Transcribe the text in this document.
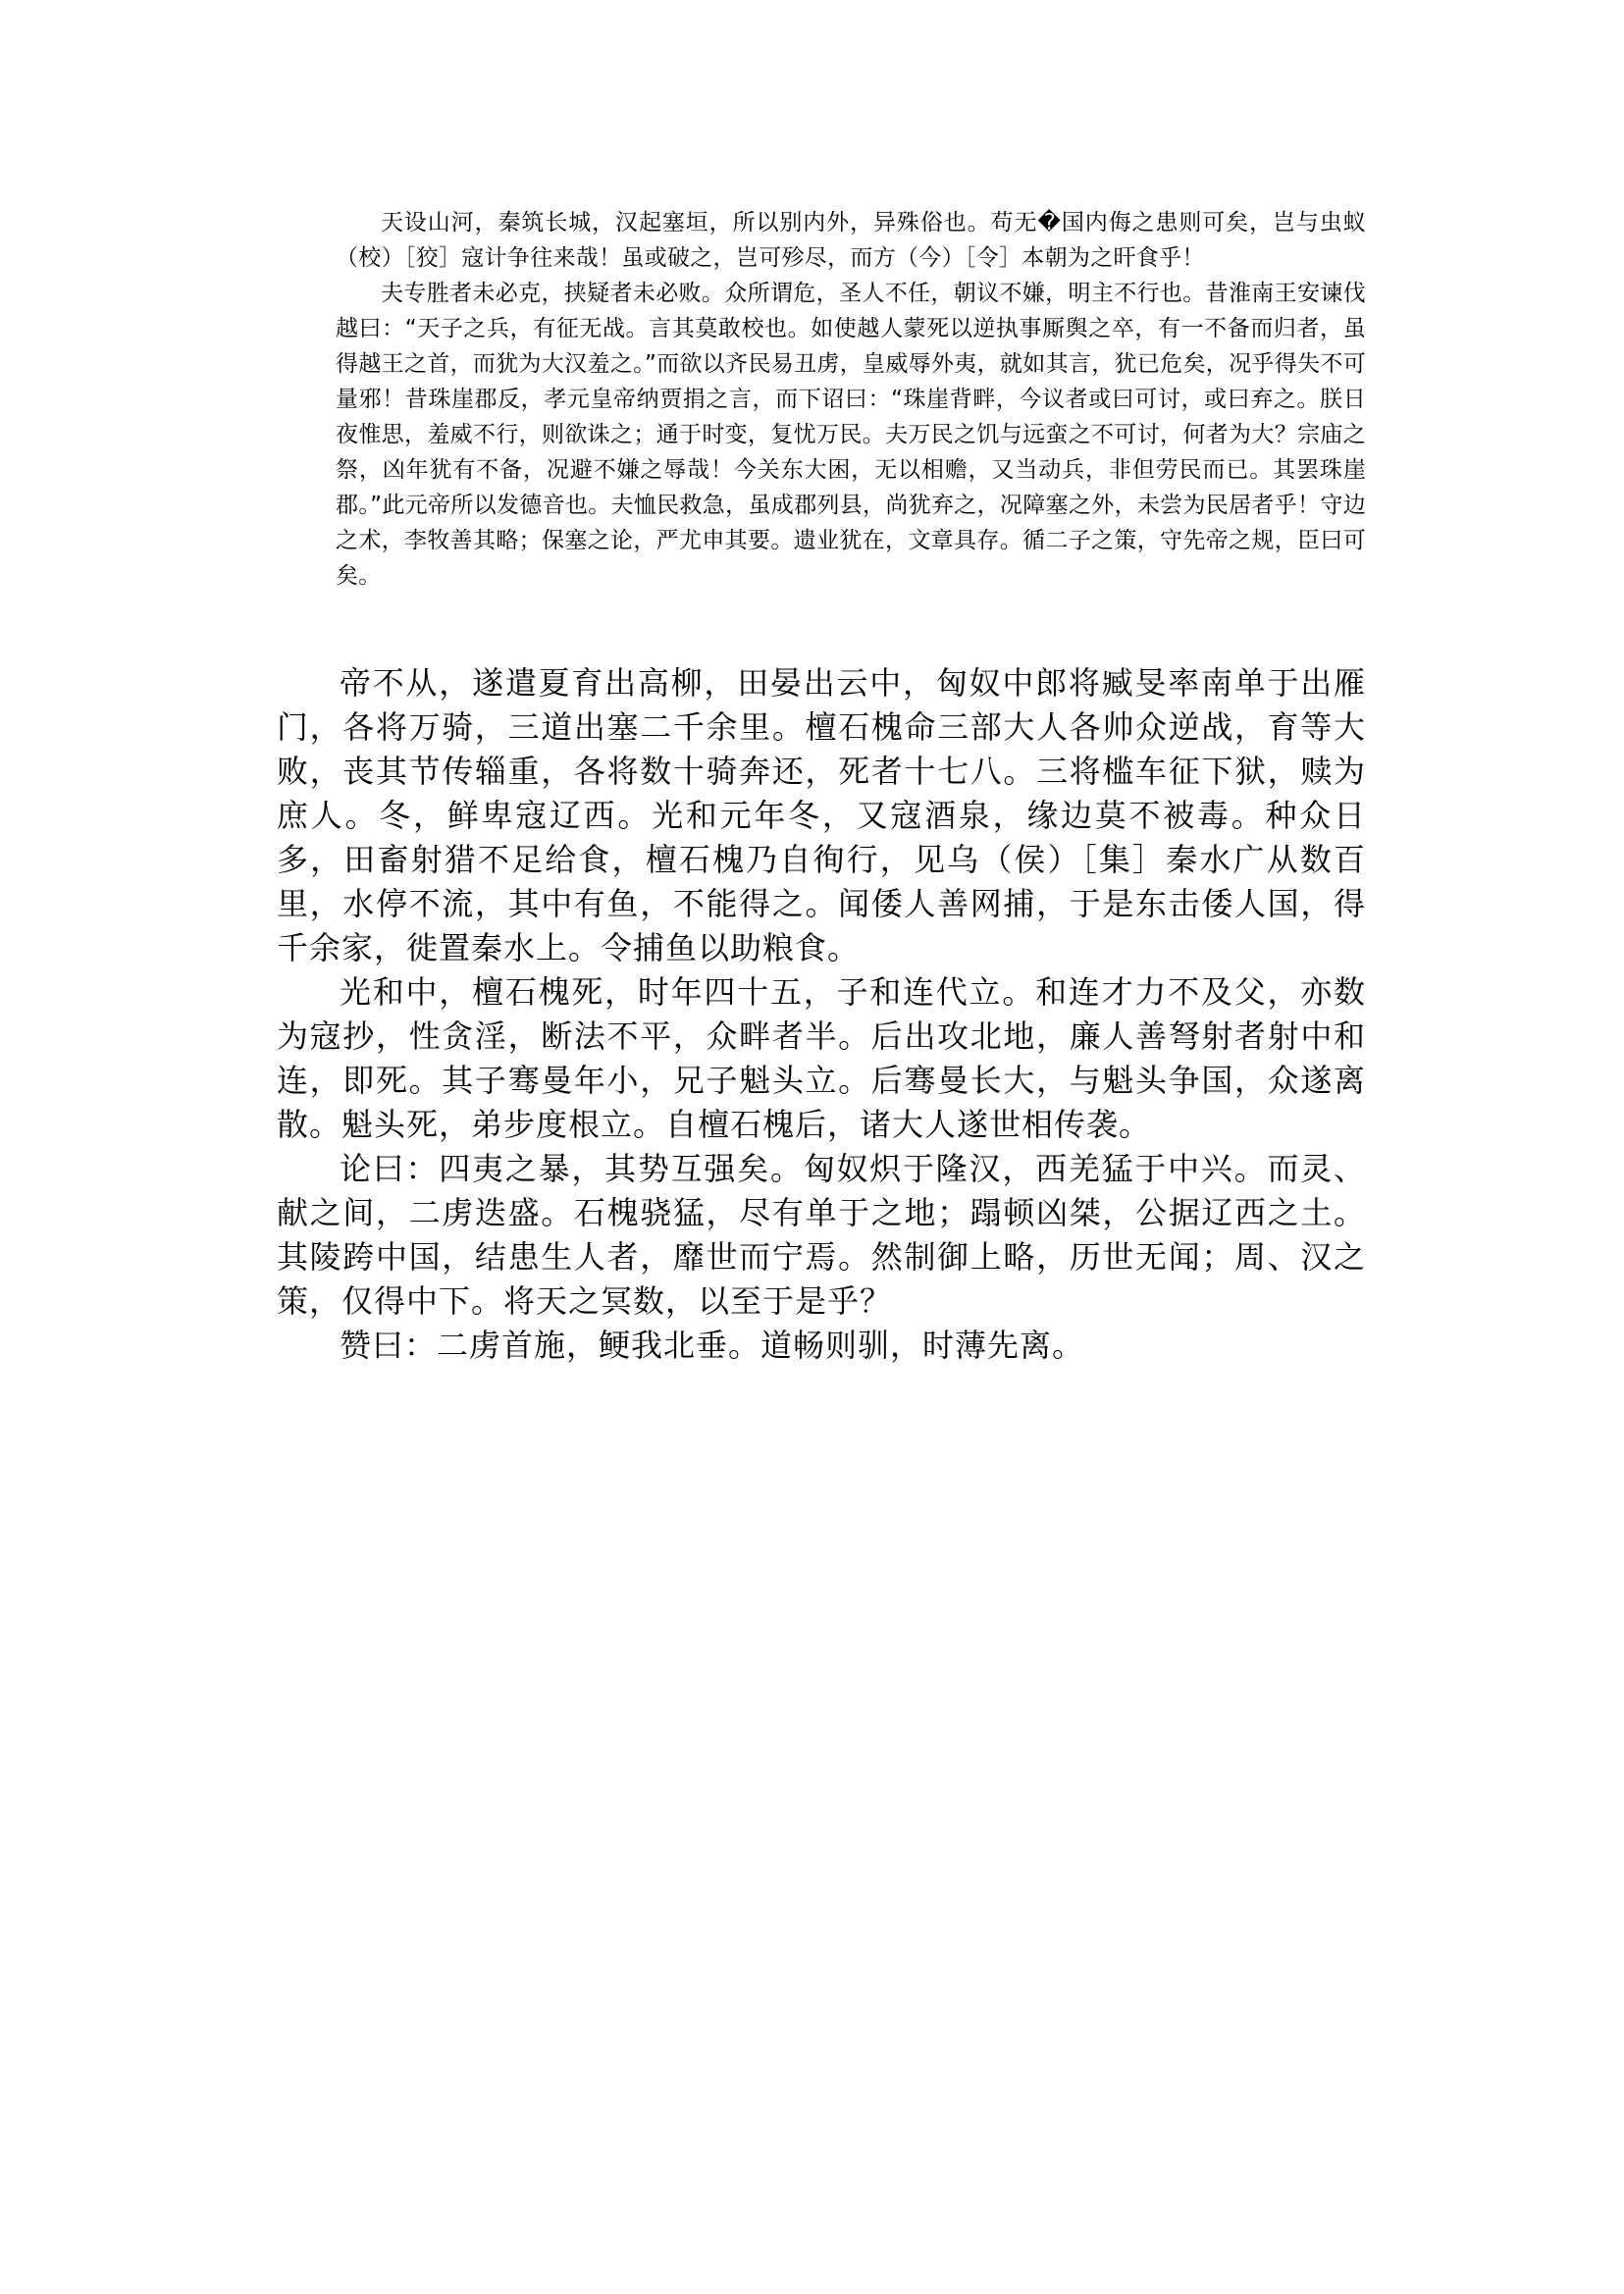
天设山河，秦筑长城，汉起塞垣，所以别内外，异殊俗也。苟无�国内侮之患则可矣，岂与虫蚁（校）［狡］寇计争往来哉！虽或破之，岂可殄尽，而方（今）［令］本朝为之旰食乎！

夫专胜者未必克，挟疑者未必败。众所谓危，圣人不任，朝议不嫌，明主不行也。昔淮南王安谏伐越曰：“天子之兵，有征无战。言其莫敢校也。如使越人蒙死以逆执事厮舆之卒，有一不备而归者，虽得越王之首，而犹为大汉羞之。”而欲以齐民易丑虏，皇威辱外夷，就如其言，犹已危矣，况乎得失不可量邪！昔珠崖郡反，孝元皇帝纳贾捐之言，而下诏曰：“珠崖背畔，今议者或曰可讨，或曰弃之。朕日夜惟思，羞威不行，则欲诛之；通于时变，复忧万民。夫万民之饥与远蛮之不可讨，何者为大？宗庙之祭，凶年犹有不备，况避不嫌之辱哉！今关东大困，无以相赡，又当动兵，非但劳民而已。其罢珠崖郡。”此元帝所以发德音也。夫恤民救急，虽成郡列县，尚犹弃之，况障塞之外，未尝为民居者乎！守边之术，李牧善其略；保塞之论，严尤申其要。遗业犹在，文章具存。循二子之策，守先帝之规，臣曰可矣。

帝不从，遂遣夏育出高柳，田晏出云中，匈奴中郎将臧旻率南单于出雁门，各将万骑，三道出塞二千余里。檀石槐命三部大人各帅众逆战，育等大败，丧其节传辎重，各将数十骑奔还，死者十七八。三将槛车征下狱，赎为庶人。冬，鲜卑寇辽西。光和元年冬，又寇酒泉，缘边莫不被毒。种众日多，田畜射猎不足给食，檀石槐乃自徇行，见乌（侯）［集］秦水广从数百里，水停不流，其中有鱼，不能得之。闻倭人善网捕，于是东击倭人国，得千余家，徙置秦水上。令捕鱼以助粮食。

光和中，檀石槐死，时年四十五，子和连代立。和连才力不及父，亦数为寇抄，性贪淫，断法不平，众畔者半。后出攻北地，廉人善弩射者射中和连，即死。其子骞曼年小，兄子魁头立。后骞曼长大，与魁头争国，众遂离散。魁头死，弟步度根立。自檀石槐后，诸大人遂世相传袭。

论曰：四夷之暴，其势互强矣。匈奴炽于隆汉，西羌猛于中兴。而灵、献之间，二虏迭盛。石槐骁猛，尽有单于之地；蹋顿凶桀，公据辽西之土。其陵跨中国，结患生人者，靡世而宁焉。然制御上略，历世无闻；周、汉之策，仅得中下。将天之冥数，以至于是乎？

赞曰：二虏首施，鲠我北垂。道畅则驯，时薄先离。
